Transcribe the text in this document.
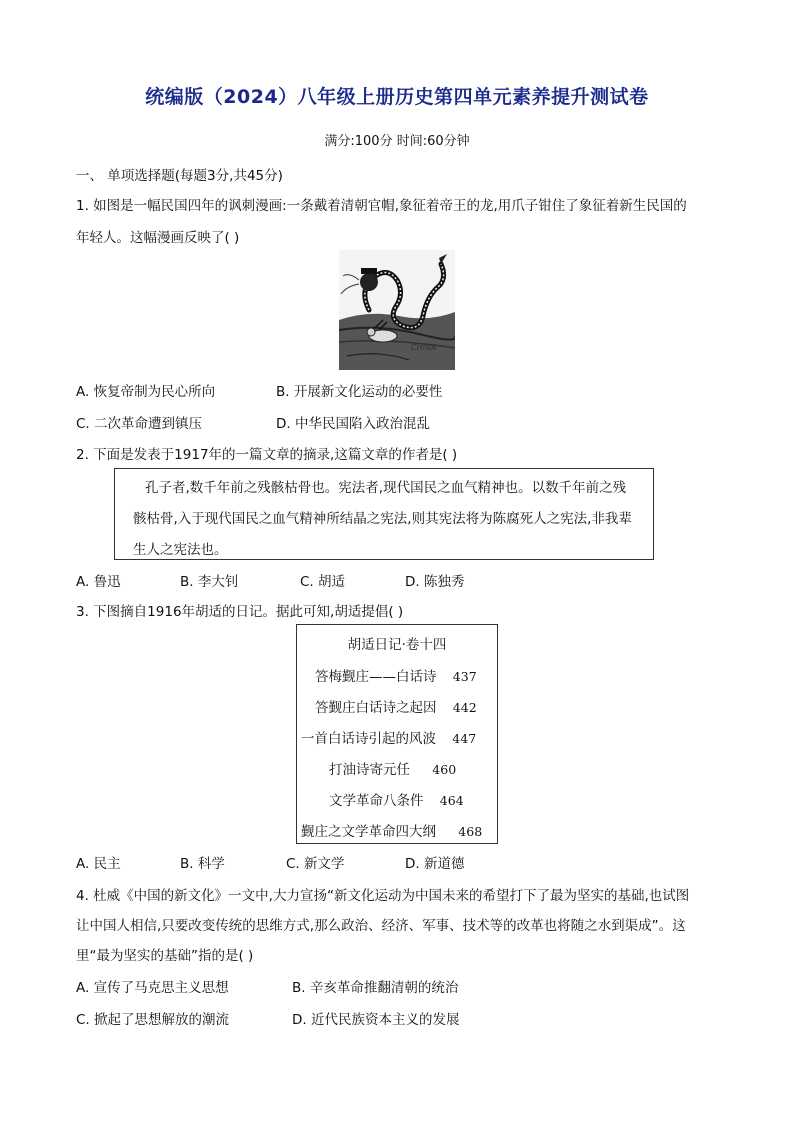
统编版（2024）八年级上册历史第四单元素养提升测试卷
满分:100分 时间:60分钟
一、 单项选择题(每题3分,共45分)
1. 如图是一幅民国四年的讽刺漫画:一条戴着清朝官帽,象征着帝王的龙,用爪子钳住了象征着新生民国的
年轻人。这幅漫画反映了( )
CHINA
A. 恢复帝制为民心所向	B. 开展新文化运动的必要性
C. 二次革命遭到镇压	D. 中华民国陷入政治混乱
2. 下面是发表于1917年的一篇文章的摘录,这篇文章的作者是( )
孔子者,数千年前之残骸枯骨也。宪法者,现代国民之血气精神也。以数千年前之残
骸枯骨,入于现代国民之血气精神所结晶之宪法,则其宪法将为陈腐死人之宪法,非我辈
生人之宪法也。
A. 鲁迅	B. 李大钊	C. 胡适	D. 陈独秀
3. 下图摘自1916年胡适的日记。据此可知,胡适提倡( )
胡适日记·卷十四
答梅觐庄——白话诗 437
答觐庄白话诗之起因 442
一首白话诗引起的风波 447
打油诗寄元任 460
文学革命八条件 464
觐庄之文学革命四大纲 468
A. 民主	B. 科学	C. 新文学	D. 新道德
4. 杜威《中国的新文化》一文中,大力宣扬“新文化运动为中国未来的希望打下了最为坚实的基础,也试图
让中国人相信,只要改变传统的思维方式,那么政治、经济、军事、技术等的改革也将随之水到渠成”。这
里“最为坚实的基础”指的是( )
A. 宣传了马克思主义思想	B. 辛亥革命推翻清朝的统治
C. 掀起了思想解放的潮流	D. 近代民族资本主义的发展
